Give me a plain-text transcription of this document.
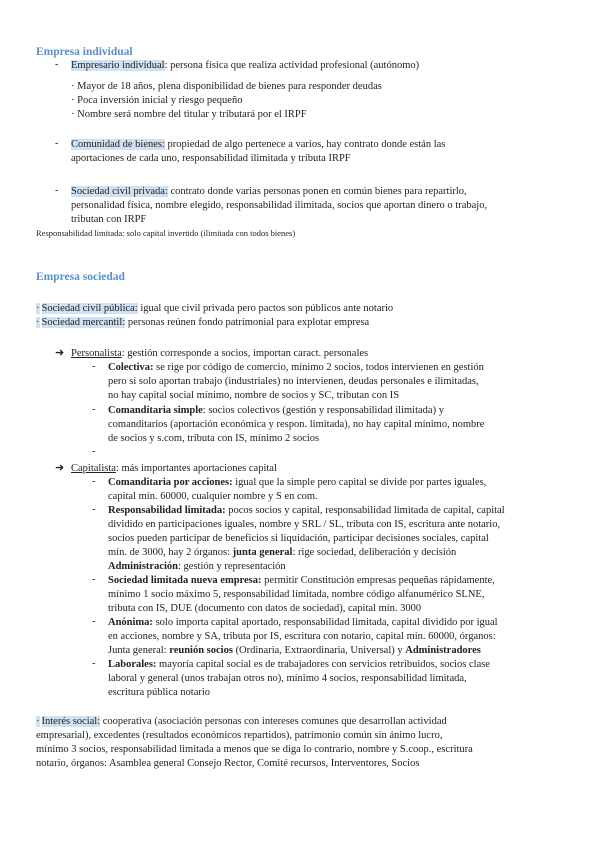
Empresa individual
- Empresario individual: persona física que realiza actividad profesional (autónomo)
· Mayor de 18 años, plena disponibilidad de bienes para responder deudas
· Poca inversión inicial y riesgo pequeño
· Nombre será nombre del titular y tributará por el IRPF
- Comunidad de bienes: propiedad de algo pertenece a varios, hay contrato donde están las
aportaciones de cada uno, responsabilidad ilimitada y tributa IRPF
- Sociedad civil privada: contrato donde varias personas ponen en común bienes para repartirlo,
personalidad física, nombre elegido, responsabilidad ilimitada, socios que aportan dinero o trabajo,
tributan con IRPF
Responsabilidad limitada: solo capital invertido (ilimitada con todos bienes)
Empresa sociedad
· Sociedad civil pública: igual que civil privada pero pactos son públicos ante notario
· Sociedad mercantil: personas reúnen fondo patrimonial para explotar empresa
➜ Personalista: gestión corresponde a socios, importan caract. personales
- Colectiva: se rige por código de comercio, mínimo 2 socios, todos intervienen en gestión
pero si solo aportan trabajo (industriales) no intervienen, deudas personales e ilimitadas,
no hay capital social mínimo, nombre de socios y SC, tributan con IS
- Comanditaria simple: socios colectivos (gestión y responsabilidad ilimitada) y
comanditarios (aportación económica y respon. limitada), no hay capital mínimo, nombre
de socios y s.com, tributa con IS, mínimo 2 socios
-
➜ Capitalista: más importantes aportaciones capital
- Comanditaria por acciones: igual que la simple pero capital se divide por partes iguales,
capital mín. 60000, cualquier nombre y S en com.
- Responsabilidad limitada: pocos socios y capital, responsabilidad limitada de capital, capital
dividido en participaciones iguales, nombre y SRL / SL, tributa con IS, escritura ante notario,
socios pueden participar de beneficios si liquidación, participar decisiones sociales, capital
mín. de 3000, hay 2 órganos: junta general: rige sociedad, deliberación y decisión
Administración: gestión y representación
- Sociedad limitada nueva empresa: permitir Constitución empresas pequeñas rápidamente,
mínimo 1 socio máximo 5, responsabilidad limitada, nombre código alfanumérico SLNE,
tributa con IS, DUE (documento con datos de sociedad), capital mín. 3000
- Anónima: solo importa capital aportado, responsabilidad limitada, capital dividido por igual
en acciones, nombre y SA, tributa por IS, escritura con notario, capital mín. 60000, órganos:
Junta general: reunión socios (Ordinaria, Extraordinaria, Universal) y Administradores
- Laborales: mayoría capital social es de trabajadores con servicios retribuidos, socios clase
laboral y general (unos trabajan otros no), mínimo 4 socios, responsabilidad limitada,
escritura pública notario
· Interés social: cooperativa (asociación personas con intereses comunes que desarrollan actividad
empresarial), excedentes (resultados económicos repartidos), patrimonio común sin ánimo lucro,
mínimo 3 socios, responsabilidad limitada a menos que se diga lo contrario, nombre y S.coop., escritura
notario, órganos: Asamblea general Consejo Rector, Comité recursos, Interventores, Socios
